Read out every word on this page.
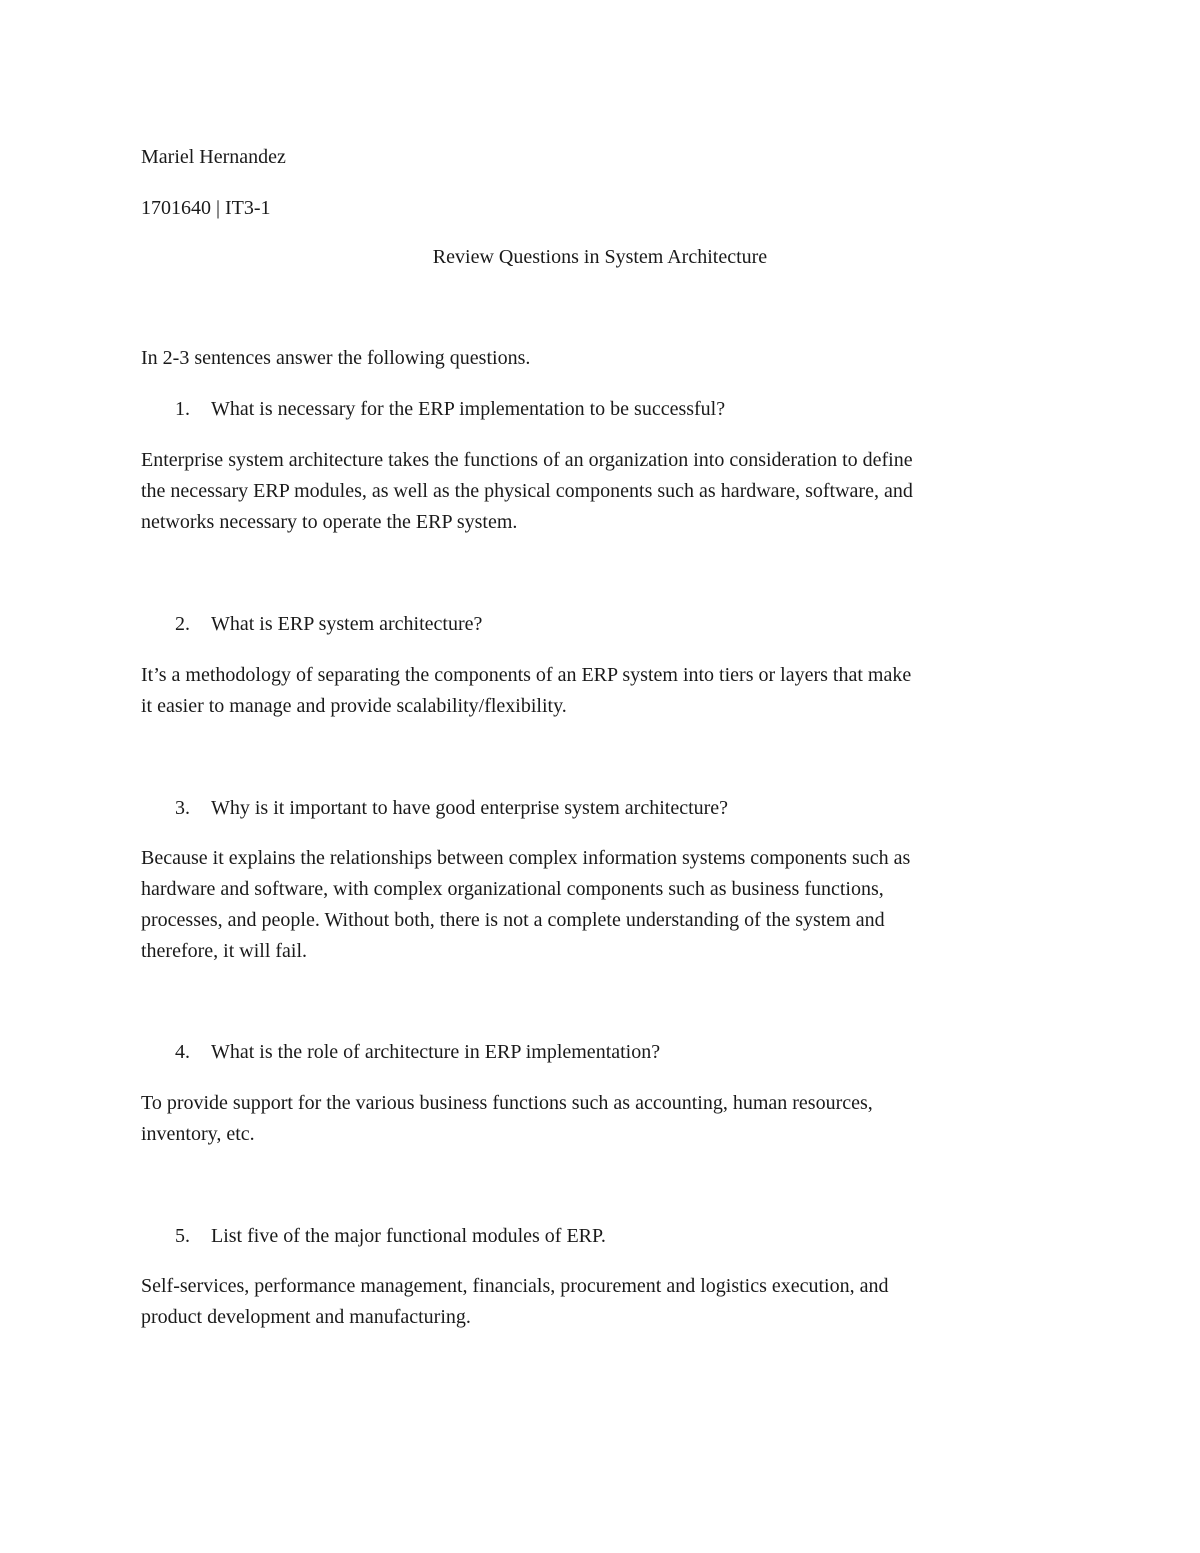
Mariel Hernandez
1701640 | IT3-1
Review Questions in System Architecture
In 2-3 sentences answer the following questions.
1. What is necessary for the ERP implementation to be successful?
Enterprise system architecture takes the functions of an organization into consideration to define
the necessary ERP modules, as well as the physical components such as hardware, software, and
networks necessary to operate the ERP system.
2. What is ERP system architecture?
It’s a methodology of separating the components of an ERP system into tiers or layers that make
it easier to manage and provide scalability/flexibility.
3. Why is it important to have good enterprise system architecture?
Because it explains the relationships between complex information systems components such as
hardware and software, with complex organizational components such as business functions,
processes, and people. Without both, there is not a complete understanding of the system and
therefore, it will fail.
4. What is the role of architecture in ERP implementation?
To provide support for the various business functions such as accounting, human resources,
inventory, etc.
5. List five of the major functional modules of ERP.
Self-services, performance management, financials, procurement and logistics execution, and
product development and manufacturing.
